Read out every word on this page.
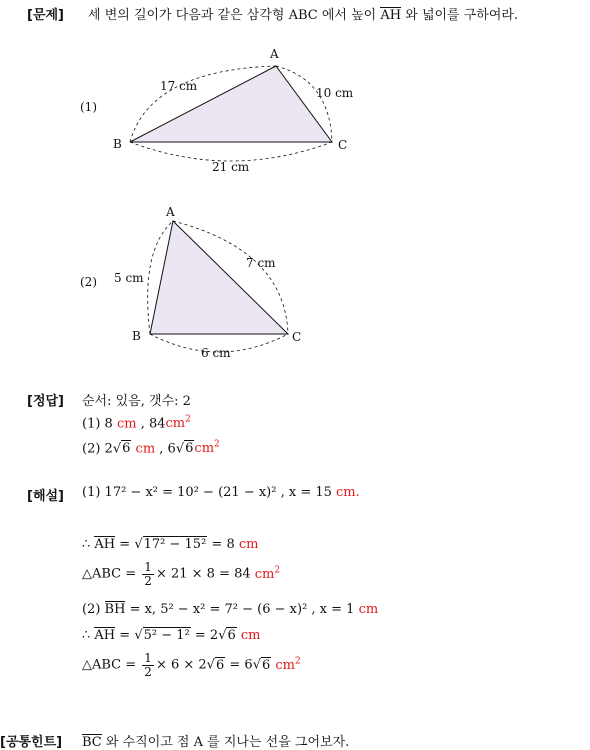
[문제] 세 변의 길이가 다음과 같은 삼각형 ABC 에서 높이 AH 와 넓이를 구하여라.
A
B	C
17 cm	10 cm
21 cm
(1)
A
B	C
5 cm
7 cm
6 cm
(2)
[정답] 순서: 있음, 갯수: 2
(1) 8 cm , $84cm^2$
(2) 2√6 cm , $6√6cm^2$
[해설] (1) 17² − x² = 10² − (21 − x)² , x = 15 cm.
∴ AH = √17² − 15² = 8 cm
△ABC = $\frac{1}{2} \times 21 \times 8 = 84$ $cm^2$
(2) BH = x, 5² − x² = 7² − (6 − x)² , x = 1 cm
∴ AH = √5² − 1² = 2√6 cm
△ABC = $\frac{1}{2} \times 6 \times 2√6 = 6√6$ $cm^2$
[공통힌트] BC 와 수직이고 점 A 를 지나는 선을 그어보자.
